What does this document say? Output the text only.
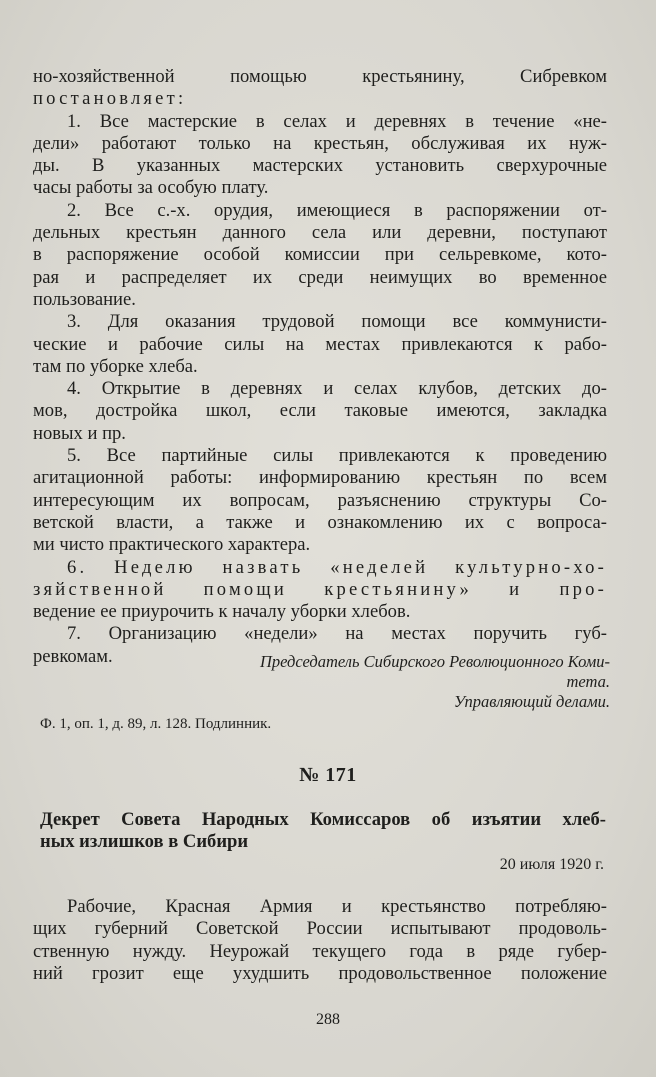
но-хозяйственной помощью крестьянину, Сибревком
постановляет:
1. Все мастерские в селах и деревнях в течение «не-
дели» работают только на крестьян, обслуживая их нуж-
ды. В указанных мастерских установить сверхурочные
часы работы за особую плату.
2. Все с.-х. орудия, имеющиеся в распоряжении от-
дельных крестьян данного села или деревни, поступают
в распоряжение особой комиссии при сельревкоме, кото-
рая и распределяет их среди неимущих во временное
пользование.
3. Для оказания трудовой помощи все коммунисти-
ческие и рабочие силы на местах привлекаются к рабо-
там по уборке хлеба.
4. Открытие в деревнях и селах клубов, детских до-
мов, достройка школ, если таковые имеются, закладка
новых и пр.
5. Все партийные силы привлекаются к проведению
агитационной работы: информированию крестьян по всем
интересующим их вопросам, разъяснению структуры Со-
ветской власти, а также и ознакомлению их с вопроса-
ми чисто практического характера.
6. Неделю назвать «неделей культурно-хо-
зяйственной помощи крестьянину» и про-
ведение ее приурочить к началу уборки хлебов.
7. Организацию «недели» на местах поручить губ-
ревкомам.	Председатель Сибирского Революционного Коми-
тета.
Управляющий делами.
Ф. 1, оп. 1, д. 89, л. 128. Подлинник.
№ 171
Декрет Совета Народных Комиссаров об изъятии хлеб-
ных излишков в Сибири
20 июля 1920 г.
Рабочие, Красная Армия и крестьянство потребляю-
щих губерний Советской России испытывают продоволь-
ственную нужду. Неурожай текущего года в ряде губер-
ний грозит еще ухудшить продовольственное положение
288
